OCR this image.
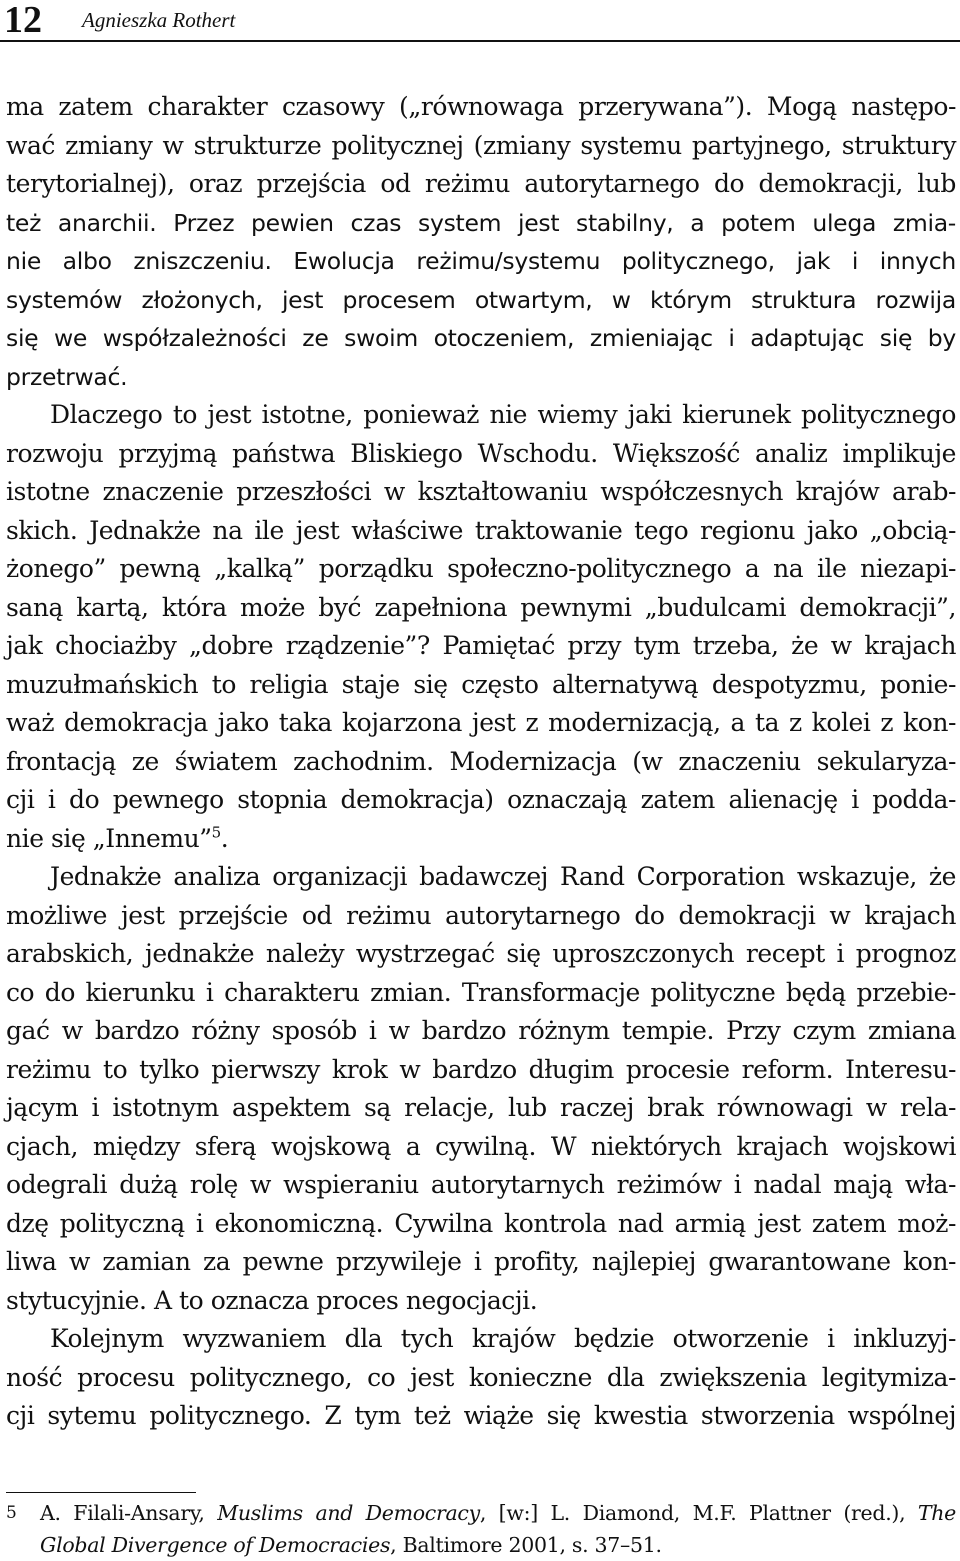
12 Agnieszka Rothert
ma zatem charakter czasowy („równowaga przerywana”). Mogą następo-
wać zmiany w strukturze politycznej (zmiany systemu partyjnego, struktury
terytorialnej), oraz przejścia od reżimu autorytarnego do demokracji, lub
też anarchii. Przez pewien czas system jest stabilny, a potem ulega zmia-
nie albo zniszczeniu. Ewolucja reżimu/systemu politycznego, jak i innych
systemów złożonych, jest procesem otwartym, w którym struktura rozwija
się we współzależności ze swoim otoczeniem, zmieniając i adaptując się by
przetrwać.
Dlaczego to jest istotne, ponieważ nie wiemy jaki kierunek politycznego
rozwoju przyjmą państwa Bliskiego Wschodu. Większość analiz implikuje
istotne znaczenie przeszłości w kształtowaniu współczesnych krajów arab-
skich. Jednakże na ile jest właściwe traktowanie tego regionu jako „obcią-
żonego” pewną „kalką” porządku społeczno-politycznego a na ile niezapi-
saną kartą, która może być zapełniona pewnymi „budulcami demokracji”,
jak chociażby „dobre rządzenie”? Pamiętać przy tym trzeba, że w krajach
muzułmańskich to religia staje się często alternatywą despotyzmu, ponie-
waż demokracja jako taka kojarzona jest z modernizacją, a ta z kolei z kon-
frontacją ze światem zachodnim. Modernizacja (w znaczeniu sekularyza-
cji i do pewnego stopnia demokracja) oznaczają zatem alienację i podda-
nie się „Innemu”$^5$.
Jednakże analiza organizacji badawczej Rand Corporation wskazuje, że
możliwe jest przejście od reżimu autorytarnego do demokracji w krajach
arabskich, jednakże należy wystrzegać się uproszczonych recept i prognoz
co do kierunku i charakteru zmian. Transformacje polityczne będą przebie-
gać w bardzo różny sposób i w bardzo różnym tempie. Przy czym zmiana
reżimu to tylko pierwszy krok w bardzo długim procesie reform. Interesu-
jącym i istotnym aspektem są relacje, lub raczej brak równowagi w rela-
cjach, między sferą wojskową a cywilną. W niektórych krajach wojskowi
odegrali dużą rolę w wspieraniu autorytarnych reżimów i nadal mają wła-
dzę polityczną i ekonomiczną. Cywilna kontrola nad armią jest zatem moż-
liwa w zamian za pewne przywileje i profity, najlepiej gwarantowane kon-
stytucyjnie. A to oznacza proces negocjacji.
Kolejnym wyzwaniem dla tych krajów będzie otworzenie i inkluzyj-
ność procesu politycznego, co jest konieczne dla zwiększenia legitymiza-
cji sytemu politycznego. Z tym też wiąże się kwestia stworzenia wspólnej
5 A. Filali-Ansary, Muslims and Democracy, [w:] L. Diamond, M.F. Plattner (red.), The
Global Divergence of Democracies, Baltimore 2001, s. 37–51.
